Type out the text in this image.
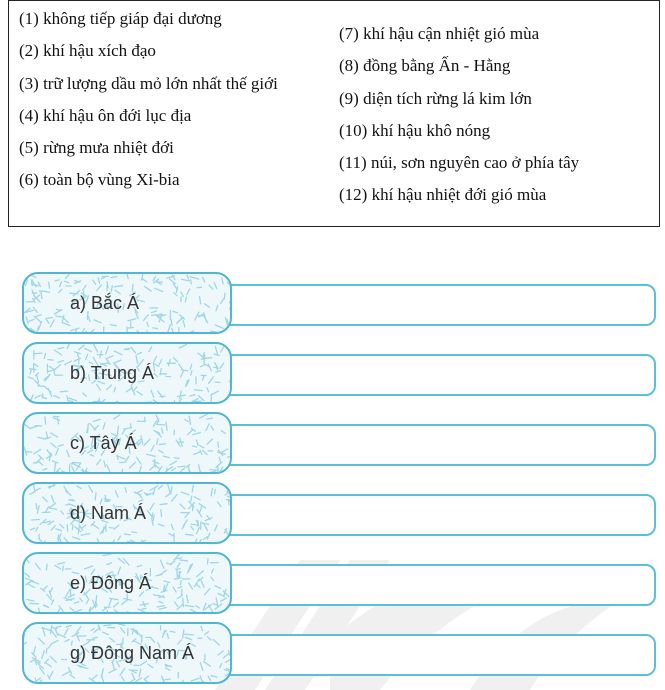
(1) không tiếp giáp đại dương
(2) khí hậu xích đạo
(3) trữ lượng dầu mỏ lớn nhất thế giới
(4) khí hậu ôn đới lục địa
(5) rừng mưa nhiệt đới
(6) toàn bộ vùng Xi-bia
(7) khí hậu cận nhiệt gió mùa
(8) đồng bằng Ấn - Hằng
(9) diện tích rừng lá kim lớn
(10) khí hậu khô nóng
(11) núi, sơn nguyên cao ở phía tây
(12) khí hậu nhiệt đới gió mùa
a) Bắc Á
b) Trung Á
c) Tây Á
d) Nam Á
e) Đông Á
g) Đông Nam Á
